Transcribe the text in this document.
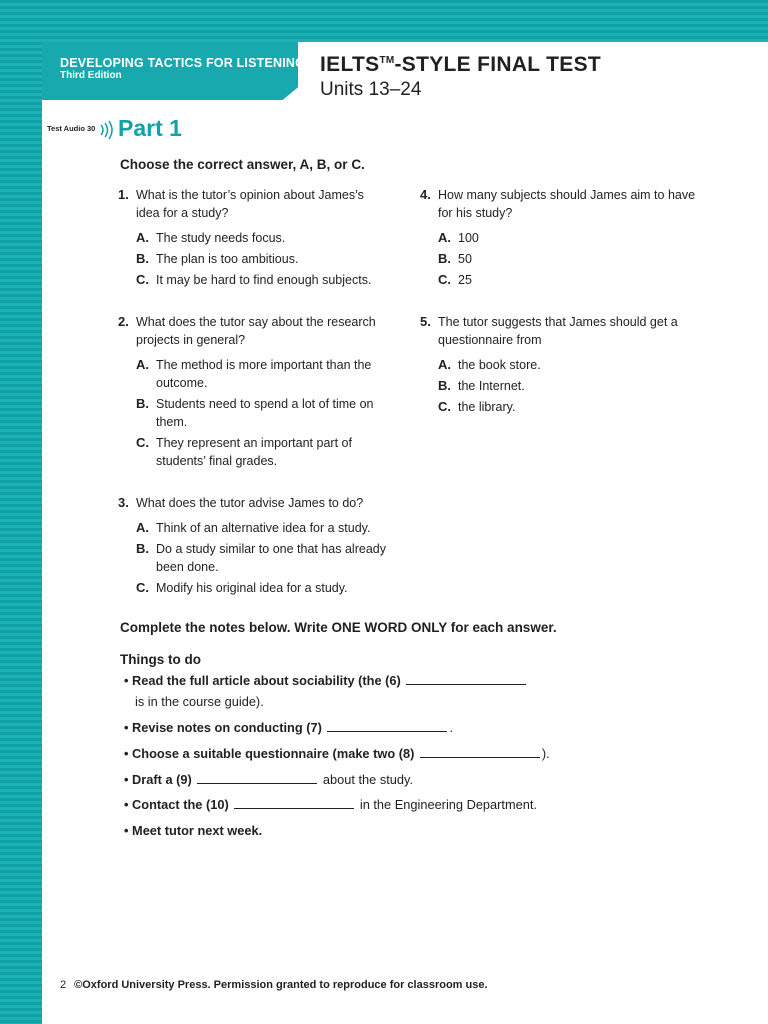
DEVELOPING TACTICS FOR LISTENING
Third Edition	IELTS™-STYLE FINAL TEST
Units 13–24
Test Audio 30 Part 1
Choose the correct answer, A, B, or C.
1. What is the tutor’s opinion about James’s
idea for a study?
A. The study needs focus.
B. The plan is too ambitious.
C. It may be hard to find enough subjects.
2. What does the tutor say about the research
projects in general?
A. The method is more important than the
outcome.
B. Students need to spend a lot of time on
them.
C. They represent an important part of
students’ final grades.
3. What does the tutor advise James to do?
A. Think of an alternative idea for a study.
B. Do a study similar to one that has already
been done.
C. Modify his original idea for a study.
4. How many subjects should James aim to have
for his study?
A. 100
B. 50
C. 25
5. The tutor suggests that James should get a
questionnaire from
A. the book store.
B. the Internet.
C. the library.
Complete the notes below. Write ONE WORD ONLY for each answer.
Things to do
• Read the full article about sociability (the (6)
is in the course guide).
• Revise notes on conducting (7)	.
• Choose a suitable questionnaire (make two (8)	).
• Draft a (9)	about the study.
• Contact the (10)	in the Engineering Department.
• Meet tutor next week.
2 ©Oxford University Press. Permission granted to reproduce for classroom use.
